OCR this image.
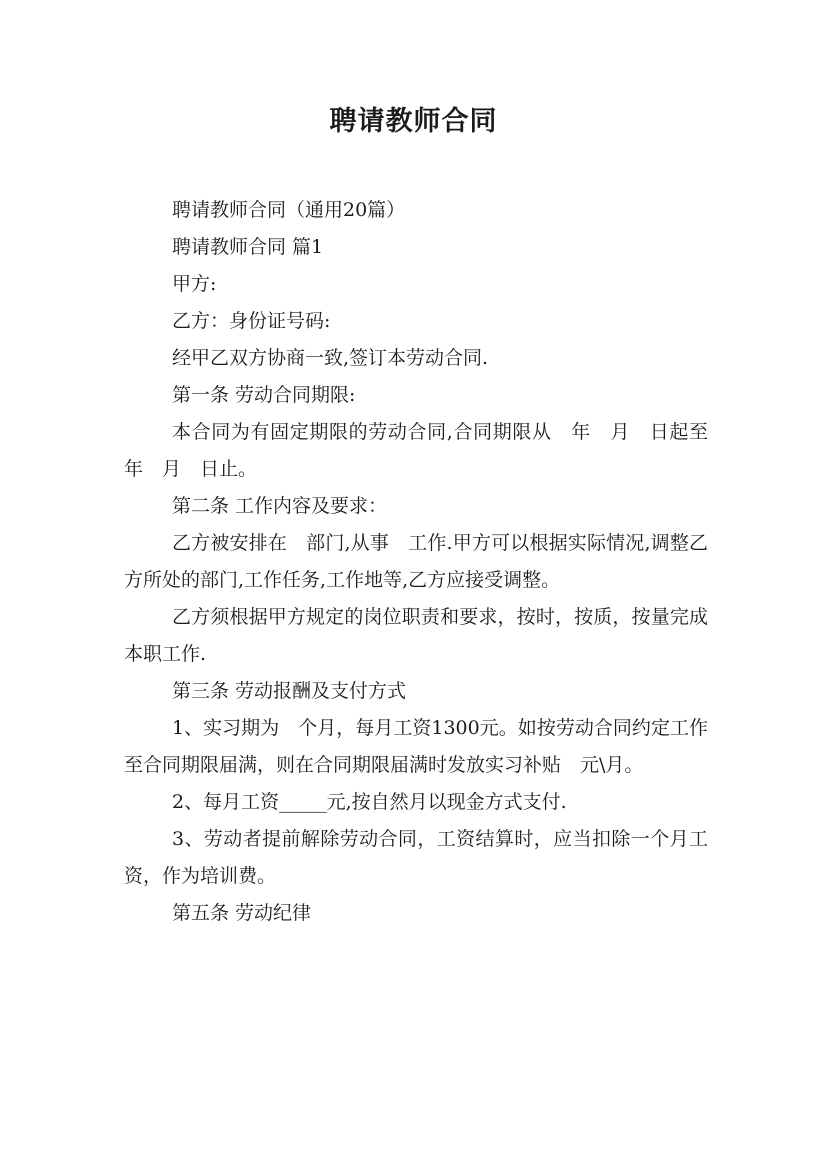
聘请教师合同

聘请教师合同（通用20篇）

聘请教师合同 篇1

甲方:

乙方：身份证号码:

经甲乙双方协商一致,签订本劳动合同.

第一条 劳动合同期限:

本合同为有固定期限的劳动合同,合同期限从　年　月　日起至　年　月　日止。

第二条 工作内容及要求：

乙方被安排在　部门,从事　工作.甲方可以根据实际情况,调整乙方所处的部门,工作任务,工作地等,乙方应接受调整。

乙方须根据甲方规定的岗位职责和要求，按时，按质，按量完成本职工作.

第三条 劳动报酬及支付方式

1、实习期为　个月，每月工资1300元。如按劳动合同约定工作至合同期限届满，则在合同期限届满时发放实习补贴　元\月。

2、每月工资_____元,按自然月以现金方式支付.

3、劳动者提前解除劳动合同，工资结算时，应当扣除一个月工资，作为培训费。

第五条 劳动纪律
